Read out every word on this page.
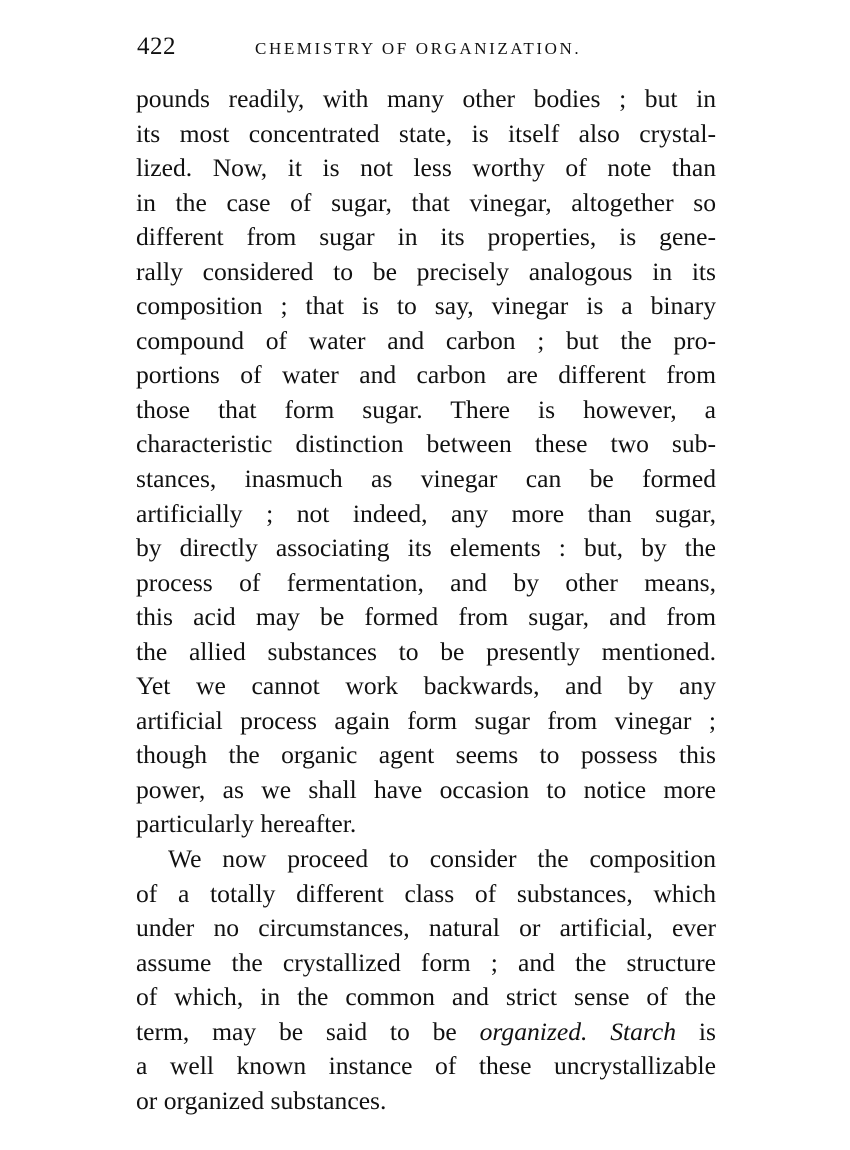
422	CHEMISTRY OF ORGANIZATION.
pounds readily, with many other bodies ; but in
its most concentrated state, is itself also crystal-
lized. Now, it is not less worthy of note than
in the case of sugar, that vinegar, altogether so
different from sugar in its properties, is gene-
rally considered to be precisely analogous in its
composition ; that is to say, vinegar is a binary
compound of water and carbon ; but the pro-
portions of water and carbon are different from
those that form sugar. There is however, a
characteristic distinction between these two sub-
stances, inasmuch as vinegar can be formed
artificially ; not indeed, any more than sugar,
by directly associating its elements : but, by the
process of fermentation, and by other means,
this acid may be formed from sugar, and from
the allied substances to be presently mentioned.
Yet we cannot work backwards, and by any
artificial process again form sugar from vinegar ;
though the organic agent seems to possess this
power, as we shall have occasion to notice more
particularly hereafter.
We now proceed to consider the composition
of a totally different class of substances, which
under no circumstances, natural or artificial, ever
assume the crystallized form ; and the structure
of which, in the common and strict sense of the
term, may be said to be organized. Starch is
a well known instance of these uncrystallizable
or organized substances.
